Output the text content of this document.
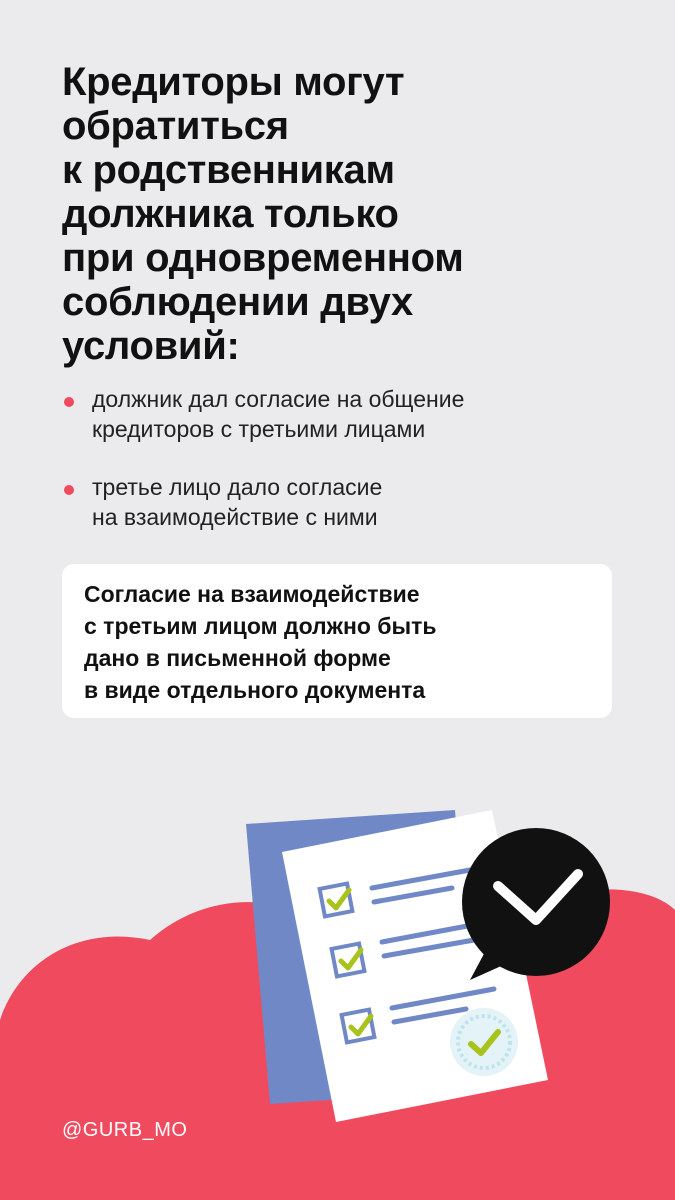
Кредиторы могут
обратиться
к родственникам
должника только
при одновременном
соблюдении двух
условий:
должник дал согласие на общение
кредиторов с третьими лицами
третье лицо дало согласие
на взаимодействие с ними
Согласие на взаимодействие
с третьим лицом должно быть
дано в письменной форме
в виде отдельного документа
@GURB_MO
